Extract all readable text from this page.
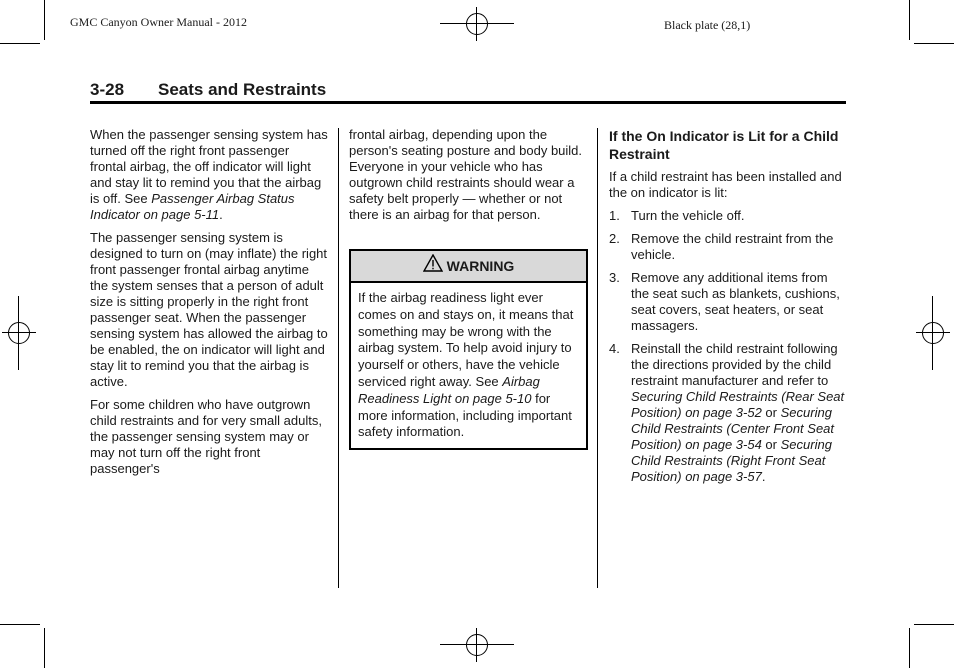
GMC Canyon Owner Manual - 2012	Black plate (28,1)
3-28 Seats and Restraints

When the passenger sensing system has turned off the right front passenger frontal airbag, the off indicator will light and stay lit to remind you that the airbag is off. See Passenger Airbag Status Indicator on page 5-11.

The passenger sensing system is designed to turn on (may inflate) the right front passenger frontal airbag anytime the system senses that a person of adult size is sitting properly in the right front passenger seat. When the passenger sensing system has allowed the airbag to be enabled, the on indicator will light and stay lit to remind you that the airbag is active.

For some children who have outgrown child restraints and for very small adults, the passenger sensing system may or may not turn off the right front passenger's

frontal airbag, depending upon the person's seating posture and body build. Everyone in your vehicle who has outgrown child restraints should wear a safety belt properly — whether or not there is an airbag for that person.

WARNING
If the airbag readiness light ever comes on and stays on, it means that something may be wrong with the airbag system. To help avoid injury to yourself or others, have the vehicle serviced right away. See Airbag Readiness Light on page 5-10 for more information, including important safety information.
If the On Indicator is Lit for a Child Restraint

If a child restraint has been installed and the on indicator is lit:

1. Turn the vehicle off.
2. Remove the child restraint from the vehicle.
3. Remove any additional items from the seat such as blankets, cushions, seat covers, seat heaters, or seat massagers.
4. Reinstall the child restraint following the directions provided by the child restraint manufacturer and refer to Securing Child Restraints (Rear Seat Position) on page 3-52 or Securing Child Restraints (Center Front Seat Position) on page 3-54 or Securing Child Restraints (Right Front Seat Position) on page 3-57.
